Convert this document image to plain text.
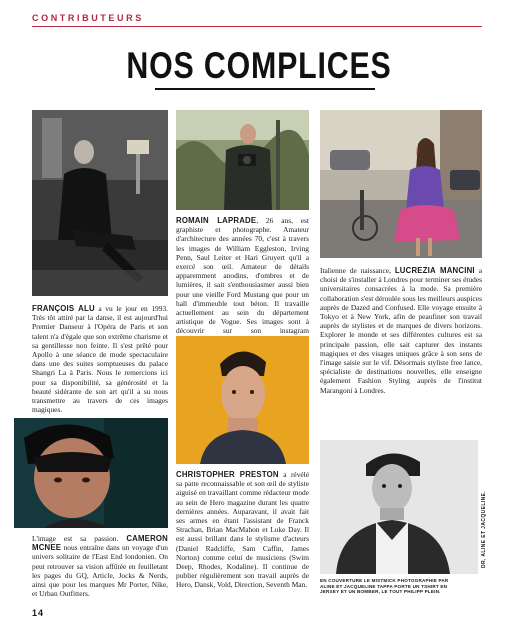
CONTRIBUTEURS
NOS COMPLICES
FRANÇOIS ALU a vu le jour en 1993. Très tôt attiré par la danse, il est aujourd'hui Premier Danseur à l'Opéra de Paris et son talent n'a d'égale que son extrême charisme et sa gentillesse non feinte. Il s'est prêté pour Apollo à une séance de mode spectaculaire dans une des suites somptueuses du palace Shangri La à Paris. Nous le remercions ici pour sa disponibilité, sa générosité et la beauté sidérante de son art qu'il a su nous transmettre au travers de ces images magiques.
ROMAIN LAPRADE, 26 ans, est graphiste et photographe. Amateur d'architecture des années 70, c'est à travers les images de William Eggleston, Irving Penn, Saul Leiter et Hari Gruyert qu'il a exercé son œil. Amateur de détails apparemment anodins, d'ombres et de lumières, il sait s'enthousiasmer aussi bien pour une vieille Ford Mustang que pour un hall d'immeuble tout béton. Il travaille actuellement au sein du département artistique de Vogue. Ses images sont à découvrir sur son instagram
Italienne de naissance, LUCREZIA MANCINI a choisi de s'installer à Londres pour terminer ses études universitaires consacrées à la mode. Sa première collaboration s'est déroulée sous les meilleurs auspices auprès de Dazed and Confused. Elle voyage ensuite à Tokyo et à New York, afin de peaufiner son travail auprès de stylistes et de marques de divers horizons. Explorer le monde et ses différentes cultures est sa principale passion, elle sait capturer des instants magiques et des visages uniques grâce à son sens de l'image saisie sur le vif. Désormais styliste free lance, spécialiste de destinations nouvelles, elle enseigne également Fashion Styling auprès de l'institut Marangoni à Londres.
CHRISTOPHER PRESTON a révélé sa patte reconnaissable et son œil de styliste aiguisé en travaillant comme rédacteur mode au sein de Hero magazine durant les quatre dernières années. Auparavant, il avait fait ses armes en étant l'assistant de Franck Strachan, Brian MacMahon et Luke Day. Il est aussi brillant dans le stylisme d'acteurs (Daniel Radcliffe, Sam Caffin, James Norton) comme celui de musiciens (Swim Deep, Rhodes, Kodaline). Il continue de publier régulièrement son travail auprès de Hero, Dansk, Vold, Direction, Seventh Man.
L'image est sa passion. CAMERON MCNEE nous entraîne dans un voyage d'un univers solitaire de l'East End londonien. On peut retrouver sa vision affûtée en feuilletant les pages du GQ, Article, Jocks & Nerds, ainsi que pour les marques Mr Porter, Nike, et Urban Outfitters.
EN COUVERTURE LE MISTMICK PHOTOGRAPHIE PAR ALINE ET JACQUELINE TAPPA PORTE UN TSHIRT EN JERSEY ET UN BOMBER, LE TOUT PHILIPP PLEIN.
DR, ALINE ET JACQUELINE.
14
